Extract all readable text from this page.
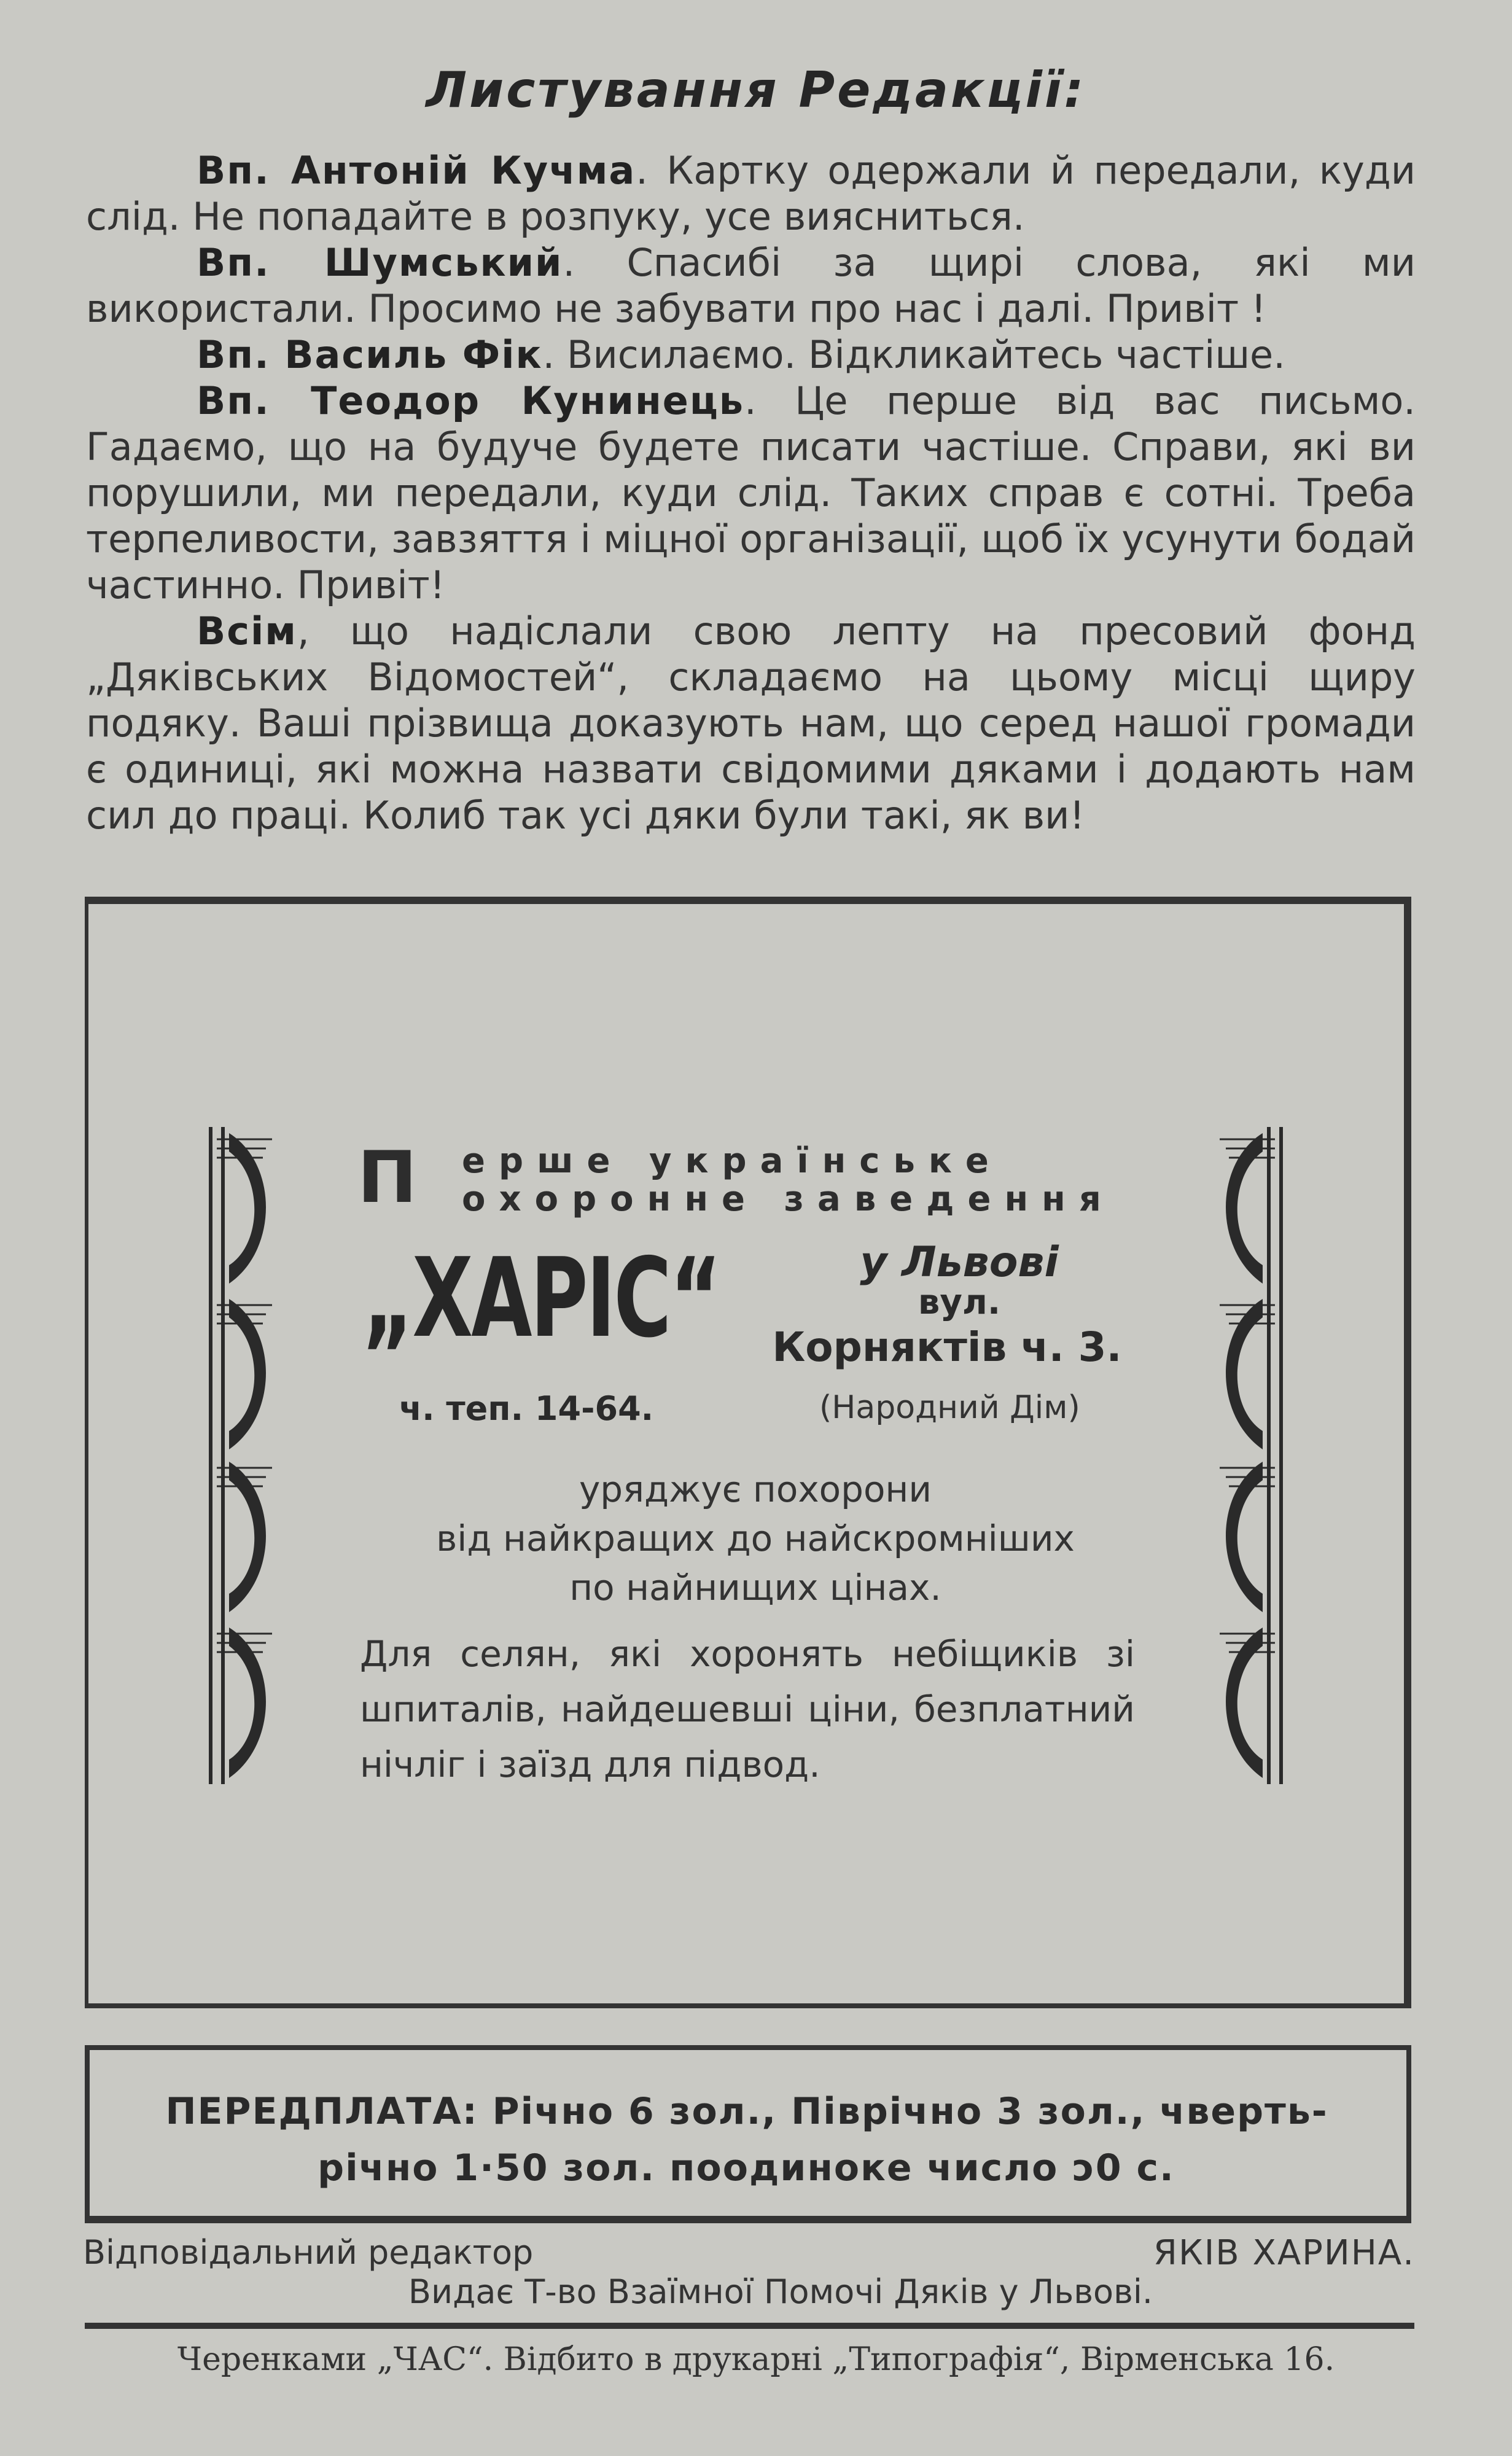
Листування Редакції:

Вп. Антоній Кучма. Картку одержали й передали, куди слід. Не попадайте в розпуку, усе виясниться.

Вп. Шумський. Спасибі за щирі слова, які ми використали. Просимо не забувати про нас і далі. Привіт !

Вп. Василь Фік. Висилаємо. Відкликайтесь частіше.

Вп. Теодор Кунинець. Це перше від вас письмо. Гадаємо, що на будуче будете писати частіше. Справи, які ви порушили, ми передали, куди слід. Таких справ є сотні. Треба терпеливости, завзяття і міцної організації, щоб їх усунути бодай частинно. Привіт!

Всім, що надіслали свою лепту на пресовий фонд „Дяківських Відомостей“, складаємо на цьому місці щиру подяку. Ваші прізвища доказують нам, що серед нашої громади є одиниці, які можна назвати свідомими дяками і додають нам сил до праці. Колиб так усі дяки були такі, як ви!

П ерше українське
охоронне заведення
„ХАРІС“	у Львові
вул.
Корняктів ч. 3.
ч. теп. 14-64.	(Народний Дім)
уряджує похорони
від найкращих до найскромніших
по найнищих цінах.
Для селян, які хоронять небіщиків зі шпиталів, найдешевші ціни, безплатний нічліг і заїзд для підвод.
ПЕРЕДПЛАТА: Річно 6 зол., Піврічно 3 зол., чвертьрічно 1·50 зол. поодиноке число ɔ0 с.
Відповідальний редактор	ЯКІВ ХАРИНА.
Видає Т-во Взаїмної Помочі Дяків у Львові.
Черенками „ЧАС“. Відбито в друкарні „Типографія“, Вірменська 16.
